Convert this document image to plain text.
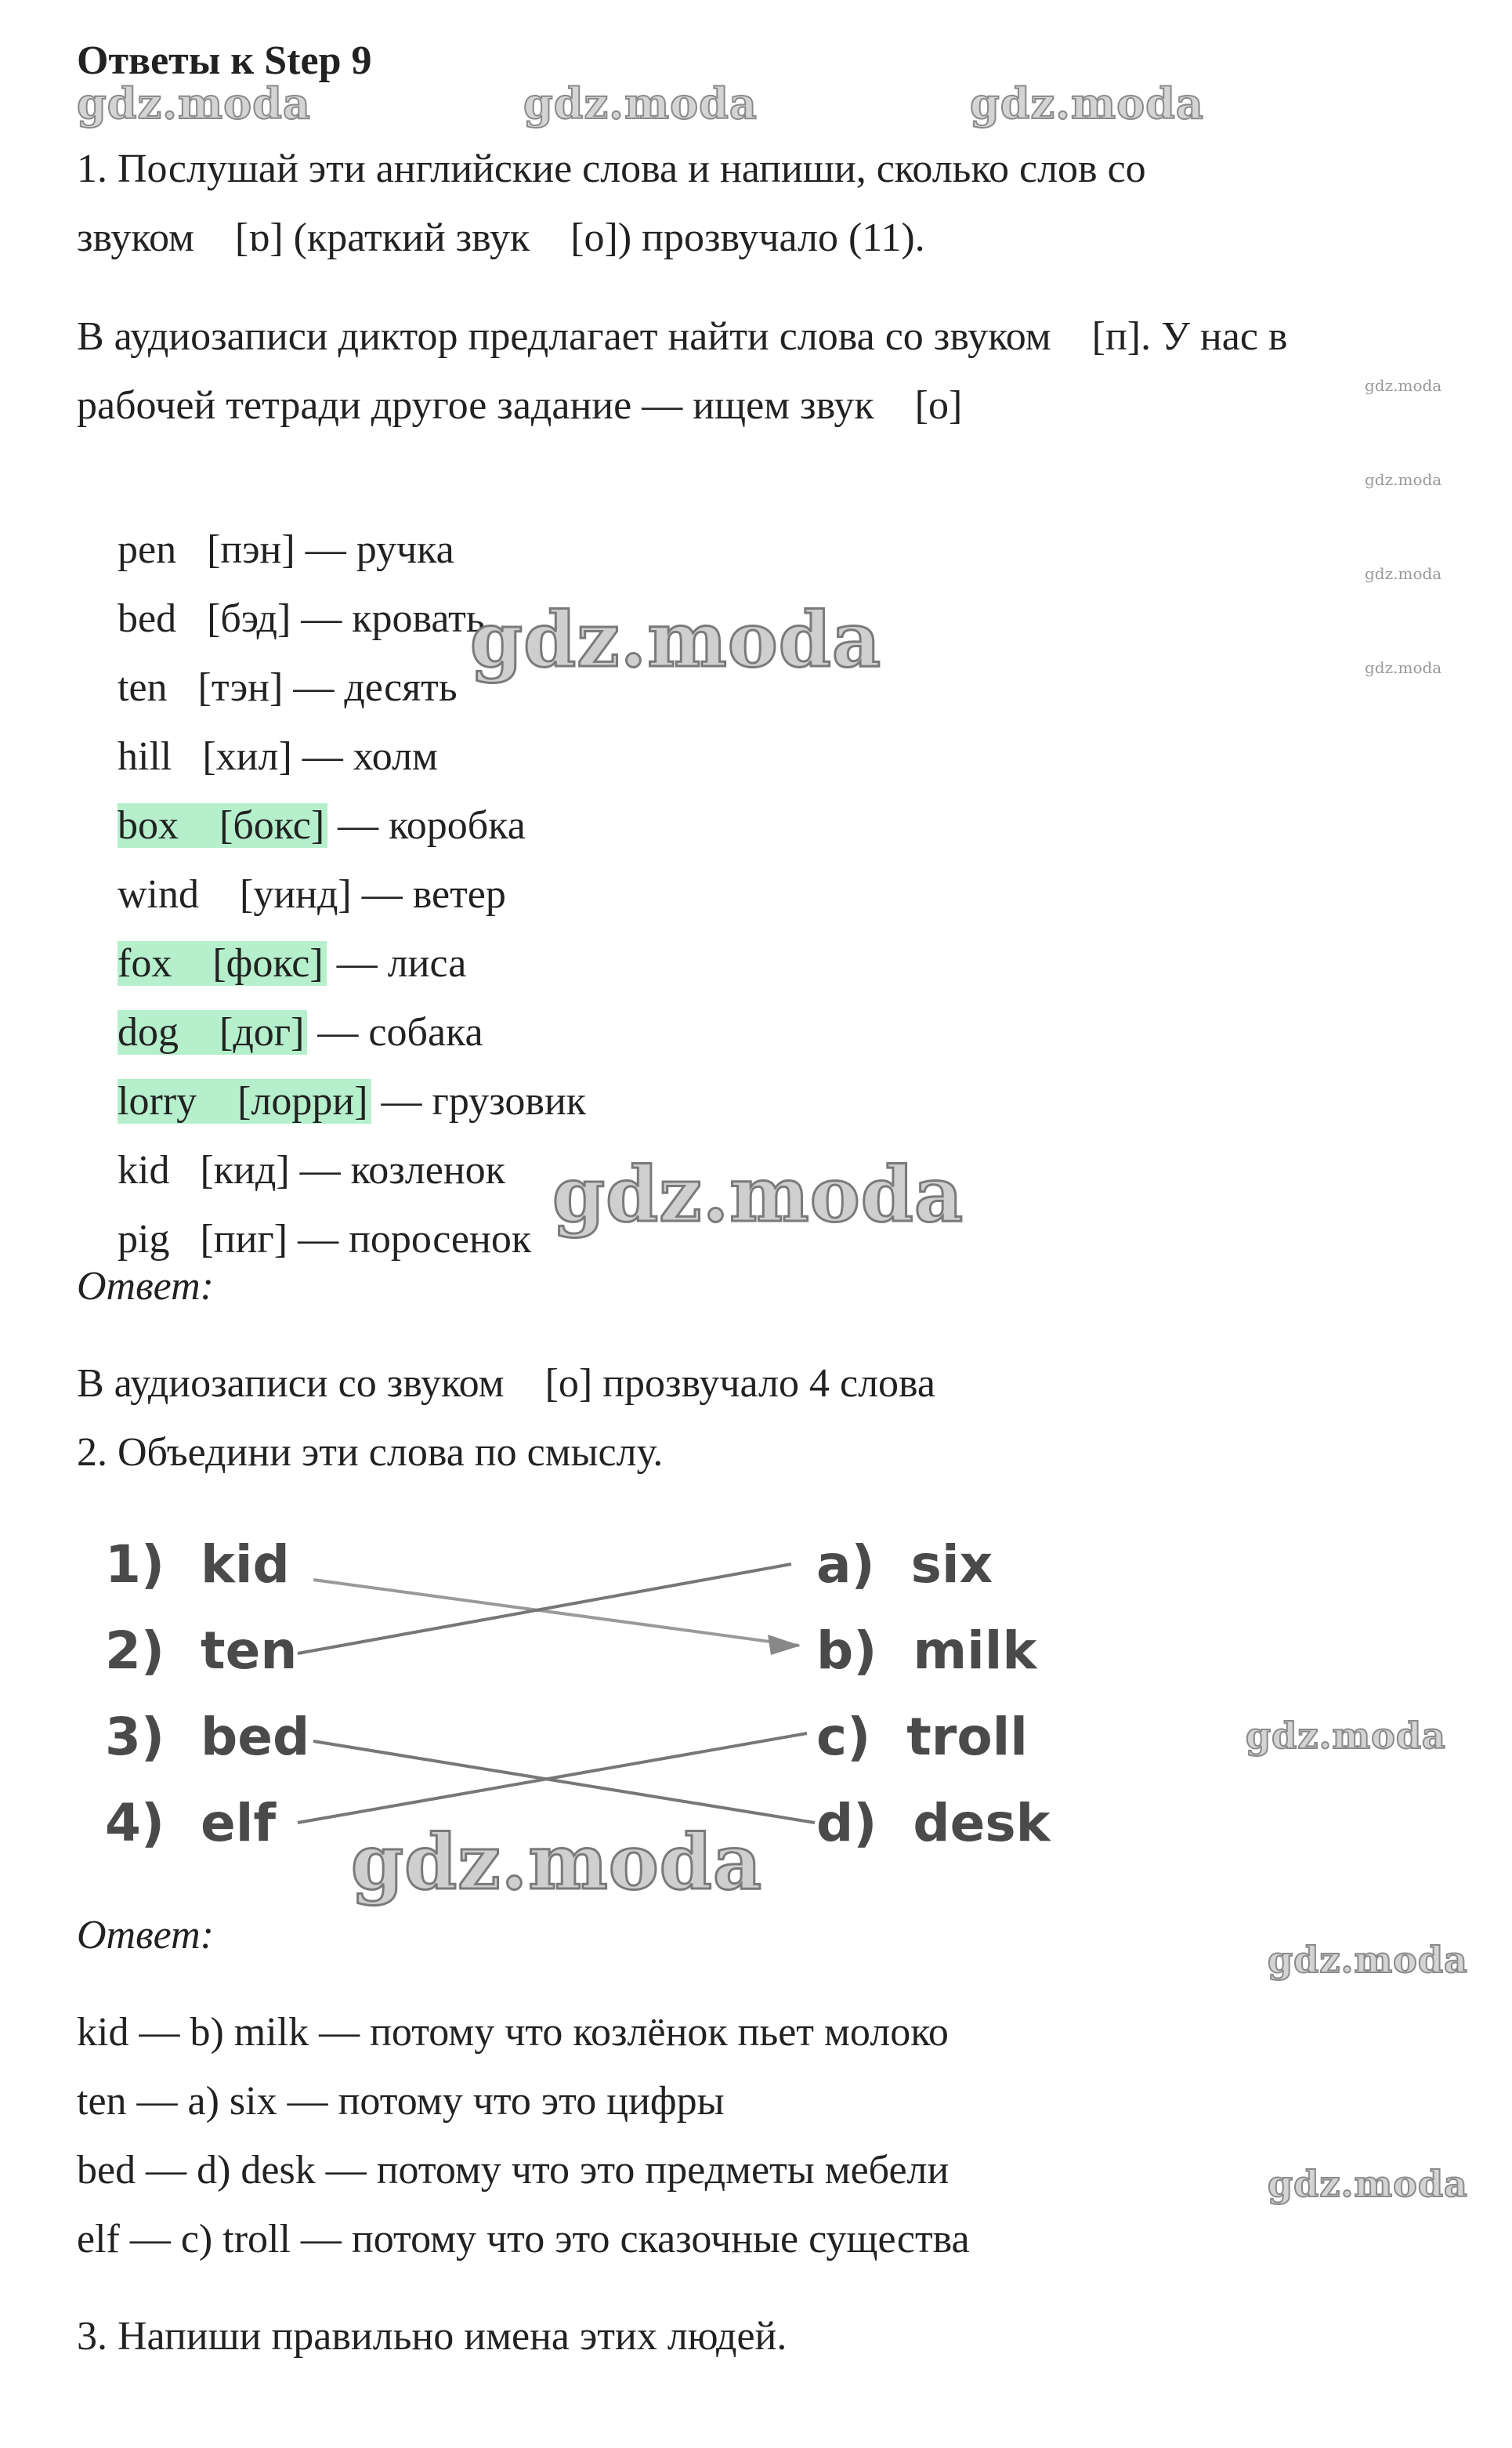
Ответы к Step 9
gdz.moda	gdz.moda	gdz.moda
1. Послушай эти английские слова и напиши, сколько слов со
звуком    [ɒ] (краткий звук    [о]) прозвучало (11).
В аудиозаписи диктор предлагает найти слова со звуком    [п]. У нас в
рабочей тетради другое задание — ищем звук    [о]	gdz.moda
gdz.moda
gdz.moda
gdz.moda

pen [пэн] — ручка

bed [бэд] — кровать

ten [тэн] — десять

hill [хил] — холм

box [бокс] — коробка

wind [уинд] — ветер

fox [фокс] — лиса

dog [дог] — собака

lorry [лорри] — грузовик

kid [кид] — козленок

pig [пиг] — поросенок

gdz.moda
gdz.moda
Ответ:
В аудиозаписи со звуком    [о] прозвучало 4 слова
2. Объедини эти слова по смыслу.
1)  kid
2)  ten
3)  bed
4)  elf
a)  six
b)  milk
c)  troll
d)  desk
gdz.moda
gdz.moda
Ответ:
gdz.moda
kid — b) milk — потому что козлёнок пьет молоко
ten — a) six — потому что это цифры
bed — d) desk — потому что это предметы мебели
elf — c) troll — потому что это сказочные существа
gdz.moda
3. Напиши правильно имена этих людей.
